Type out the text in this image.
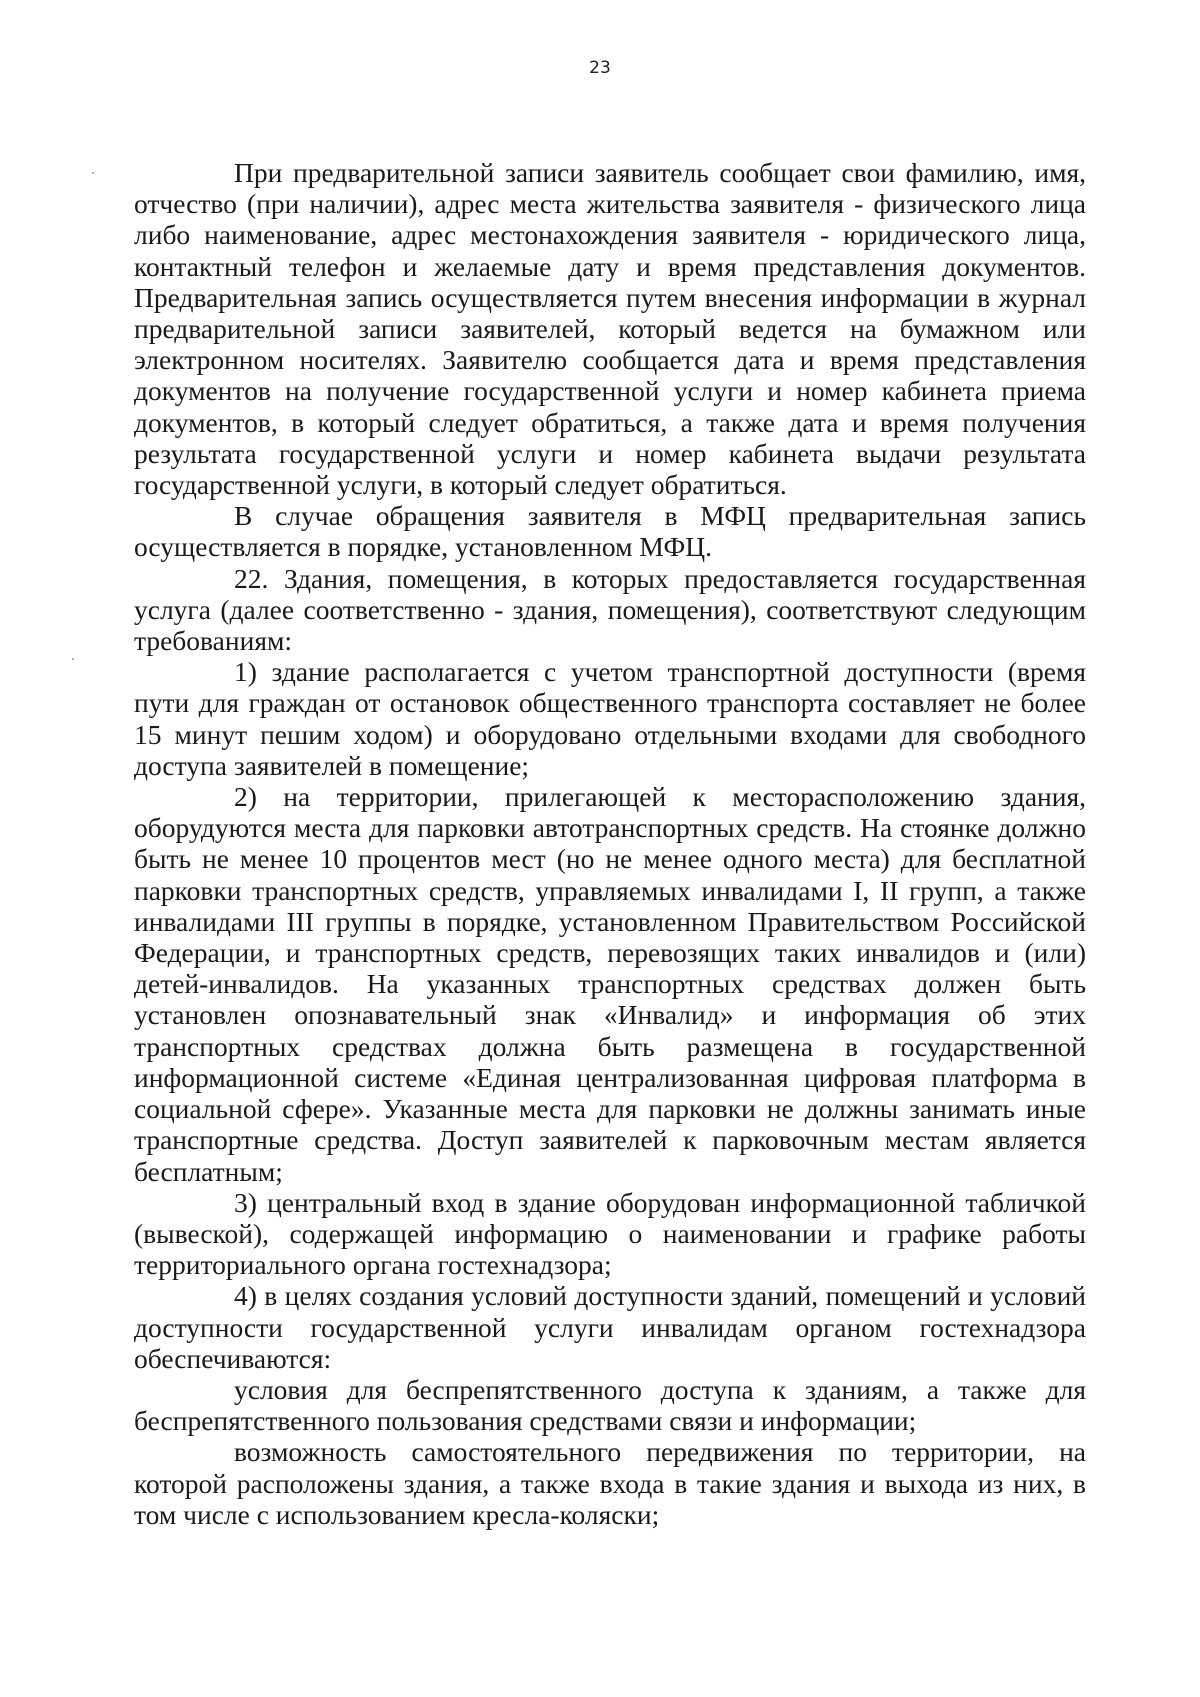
23

При предварительной записи заявитель сообщает свои фамилию, имя, отчество (при наличии), адрес места жительства заявителя - физического лица либо наименование, адрес местонахождения заявителя - юридического лица, контактный телефон и желаемые дату и время представления документов. Предварительная запись осуществляется путем внесения информации в журнал предварительной записи заявителей, который ведется на бумажном или электронном носителях. Заявителю сообщается дата и время представления документов на получение государственной услуги и номер кабинета приема документов, в который следует обратиться, а также дата и время получения результата государственной услуги и номер кабинета выдачи результата государственной услуги, в который следует обратиться.

В случае обращения заявителя в МФЦ предварительная запись осуществляется в порядке, установленном МФЦ.

22. Здания, помещения, в которых предоставляется государственная услуга (далее соответственно - здания, помещения), соответствуют следующим требованиям:

1) здание располагается с учетом транспортной доступности (время пути для граждан от остановок общественного транспорта составляет не более 15 минут пешим ходом) и оборудовано отдельными входами для свободного доступа заявителей в помещение;

2) на территории, прилегающей к месторасположению здания, оборудуются места для парковки автотранспортных средств. На стоянке должно быть не менее 10 процентов мест (но не менее одного места) для бесплатной парковки транспортных средств, управляемых инвалидами I, II групп, а также инвалидами III группы в порядке, установленном Правительством Российской Федерации, и транспортных средств, перевозящих таких инвалидов и (или) детей-инвалидов. На указанных транспортных средствах должен быть установлен опознавательный знак «Инвалид» и информация об этих транспортных средствах должна быть размещена в государственной информационной системе «Единая централизованная цифровая платформа в социальной сфере». Указанные места для парковки не должны занимать иные транспортные средства. Доступ заявителей к парковочным местам является бесплатным;

3) центральный вход в здание оборудован информационной табличкой (вывеской), содержащей информацию о наименовании и графике работы территориального органа гостехнадзора;

4) в целях создания условий доступности зданий, помещений и условий доступности государственной услуги инвалидам органом гостехнадзора обеспечиваются:

условия для беспрепятственного доступа к зданиям, а также для беспрепятственного пользования средствами связи и информации;

возможность самостоятельного передвижения по территории, на которой расположены здания, а также входа в такие здания и выхода из них, в том числе с использованием кресла-коляски;
